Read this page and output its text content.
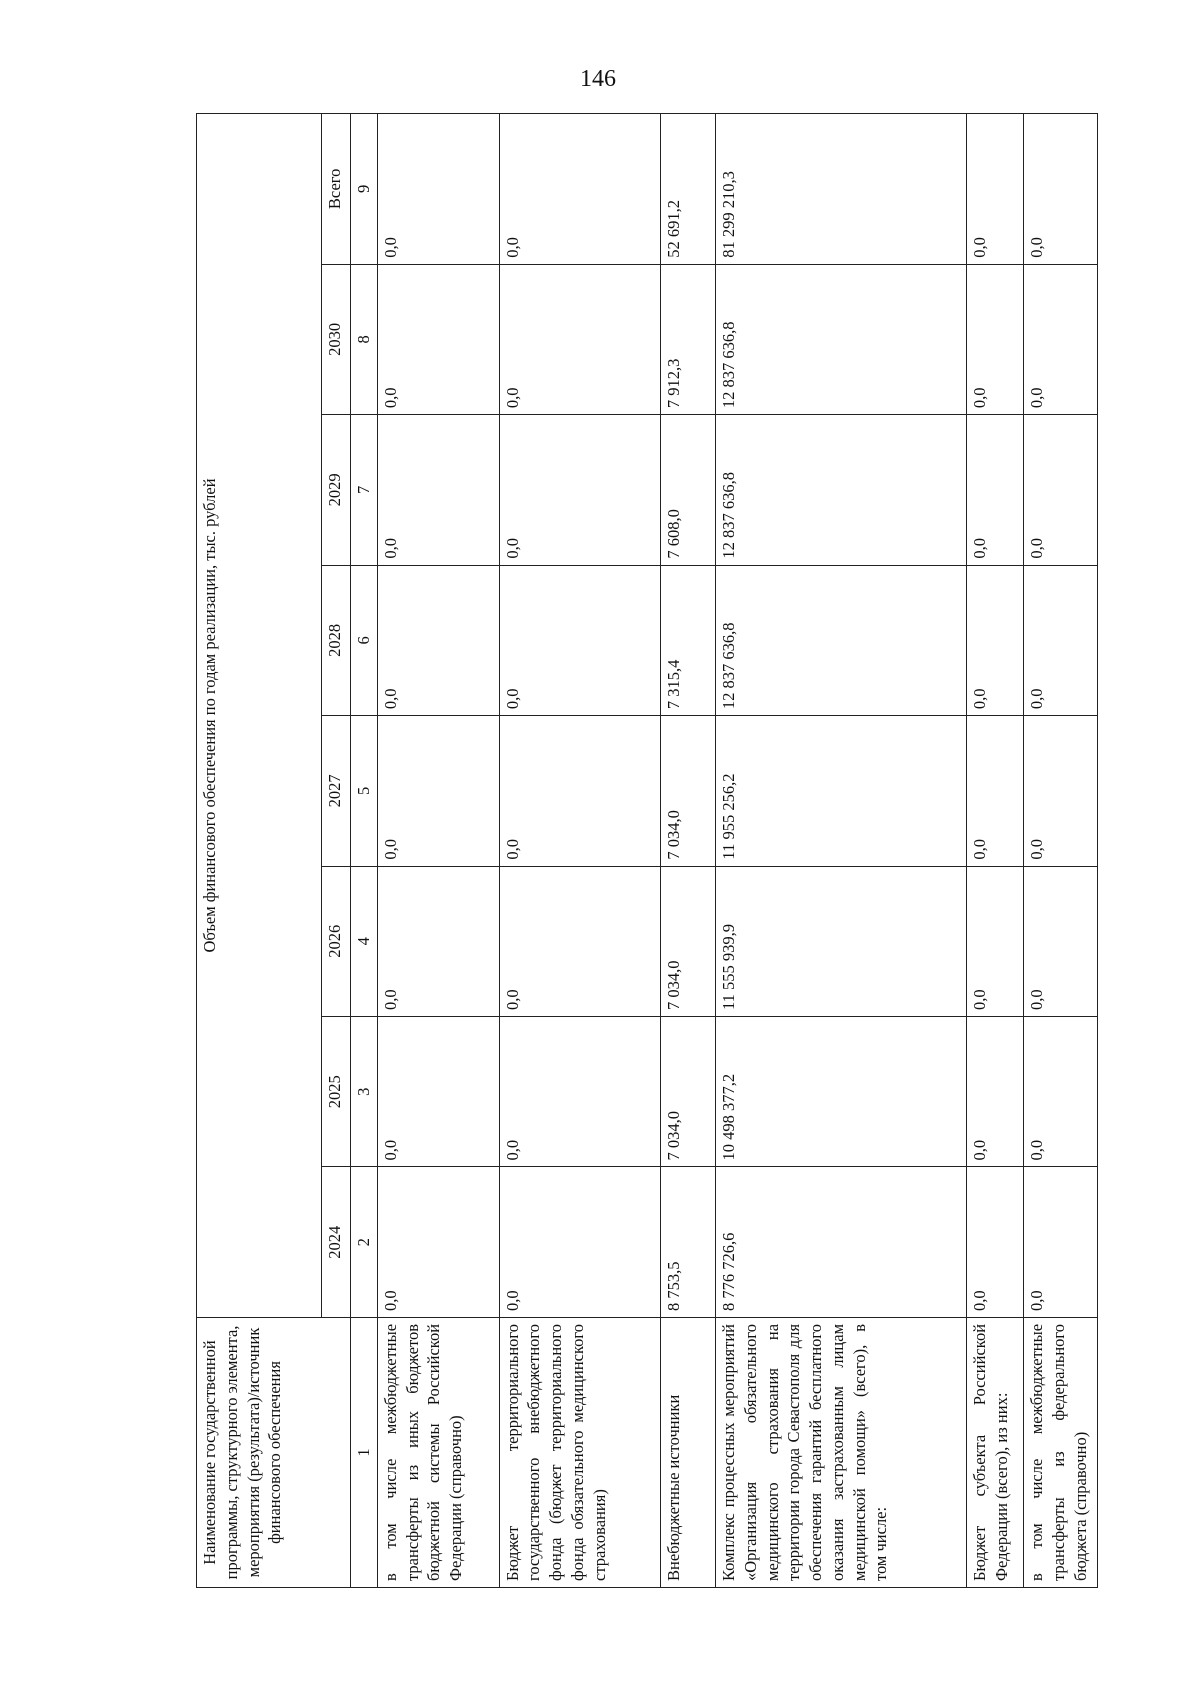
146
Наименование государственной программы, структурного элемента, мероприятия (результата)/источник финансового обеспечения	Объем финансового обеспечения по годам реализации, тыс. рублей							
	2024	2025	2026	2027	2028	2029	2030	Всего
1	2	3	4	5	6	7	8	9
в том числе межбюджетные трансферты из иных бюджетов бюджетной системы Российской Федерации (справочно)	0,0	0,0	0,0	0,0	0,0	0,0	0,0	0,0
Бюджет территориального государственного внебюджетного фонда (бюджет территориального фонда обязательного медицинского страхования)	0,0	0,0	0,0	0,0	0,0	0,0	0,0	0,0
Внебюджетные источники	8 753,5	7 034,0	7 034,0	7 034,0	7 315,4	7 608,0	7 912,3	52 691,2
Комплекс процессных мероприятий «Организация обязательного медицинского страхования на территории города Севастополя для обеспечения гарантий бесплатного оказания застрахованным лицам медицинской помощи» (всего), в том числе:	8 776 726,6	10 498 377,2	11 555 939,9	11 955 256,2	12 837 636,8	12 837 636,8	12 837 636,8	81 299 210,3
Бюджет субъекта Российской Федерации (всего), из них:	0,0	0,0	0,0	0,0	0,0	0,0	0,0	0,0
в том числе межбюджетные трансферты из федерального бюджета (справочно)	0,0	0,0	0,0	0,0	0,0	0,0	0,0	0,0
